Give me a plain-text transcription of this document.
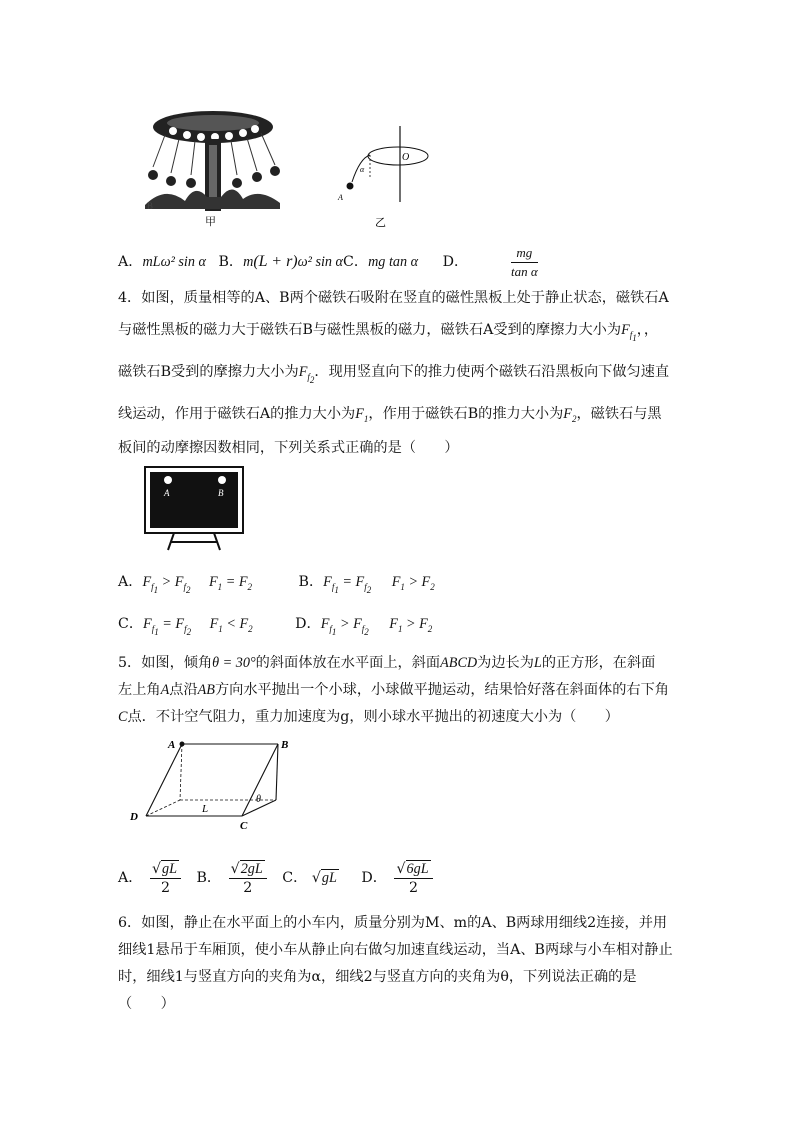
B
甲
O
A
α
乙
A．mLω² sin α B．m(L + r)ω² sin αC．mg tan α D．	$\frac{mg}{\text{tan α}}$
4．如图，质量相等的A、B两个磁铁石吸附在竖直的磁性黑板上处于静止状态，磁铁石A
与磁性黑板的磁力大于磁铁石B与磁性黑板的磁力，磁铁石A受到的摩擦力大小为$F_{f_1}$，，
磁铁石B受到的摩擦力大小为$F_{f_2}$．现用竖直向下的推力使两个磁铁石沿黑板向下做匀速直
线运动，作用于磁铁石A的推力大小为$F_1$，作用于磁铁石B的推力大小为$F_2$，磁铁石与黑
板间的动摩擦因数相同，下列关系式正确的是（　　）
A	B
A．$F_{f_1} > F_{f_2}$ $F_1 = F_2$	B．$F_{f_1} = F_{f_2}$ $F_1 > F_2$
C．$F_{f_1} = F_{f_2}$ $F_1 < F_2$	D．$F_{f_1} > F_{f_2}$ $F_1 > F_2$
5．如图，倾角θ = 30°的斜面体放在水平面上，斜面ABCD为边长为L的正方形，在斜面
左上角A点沿AB方向水平抛出一个小球，小球做平抛运动，结果恰好落在斜面体的右下角
C点．不计空气阻力，重力加速度为g，则小球水平抛出的初速度大小为（　　）
A	B
C
D
L
θ
A． $\frac{√gL}{2}$ B． $\frac{√2gL}{2}$ C． √gL D． $\frac{√6gL}{2}$
6．如图，静止在水平面上的小车内，质量分别为M、m的A、B两球用细线2连接，并用
细线1悬吊于车厢顶，使小车从静止向右做匀加速直线运动，当A、B两球与小车相对静止
时，细线1与竖直方向的夹角为α，细线2与竖直方向的夹角为θ，下列说法正确的是
（　　）
